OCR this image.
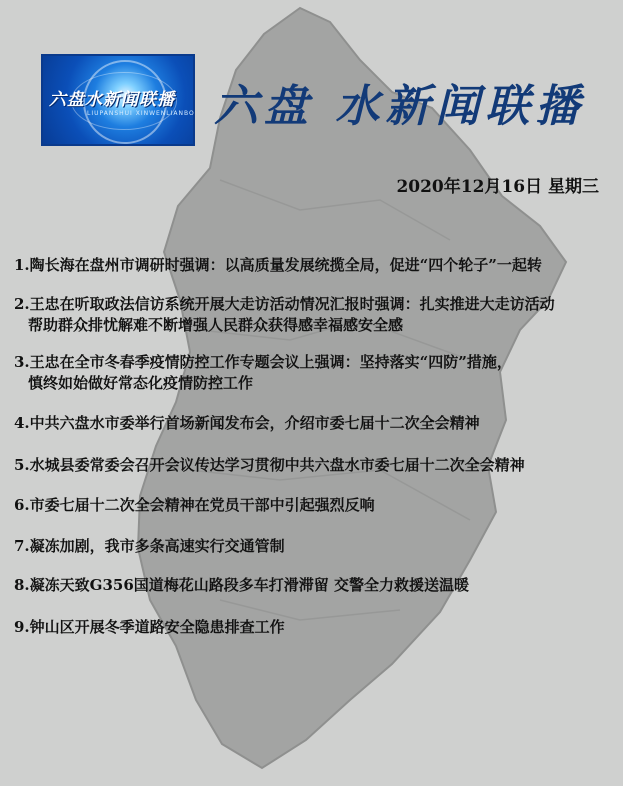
六盘水新闻联播
LIUPANSHUI XINWENLIANBO 六盘 水新闻联播
2020年12月16日 星期三
1.陶长海在盘州市调研时强调：以高质量发展统揽全局，促进“四个轮子”一起转
2.王忠在听取政法信访系统开展大走访活动情况汇报时强调：扎实推进大走访活动
帮助群众排忧解难不断增强人民群众获得感幸福感安全感
3.王忠在全市冬春季疫情防控工作专题会议上强调：坚持落实“四防”措施，
慎终如始做好常态化疫情防控工作
4.中共六盘水市委举行首场新闻发布会，介绍市委七届十二次全会精神
5.水城县委常委会召开会议传达学习贯彻中共六盘水市委七届十二次全会精神
6.市委七届十二次全会精神在党员干部中引起强烈反响
7.凝冻加剧，我市多条高速实行交通管制
8.凝冻天致G356国道梅花山路段多车打滑滞留 交警全力救援送温暖
9.钟山区开展冬季道路安全隐患排查工作
